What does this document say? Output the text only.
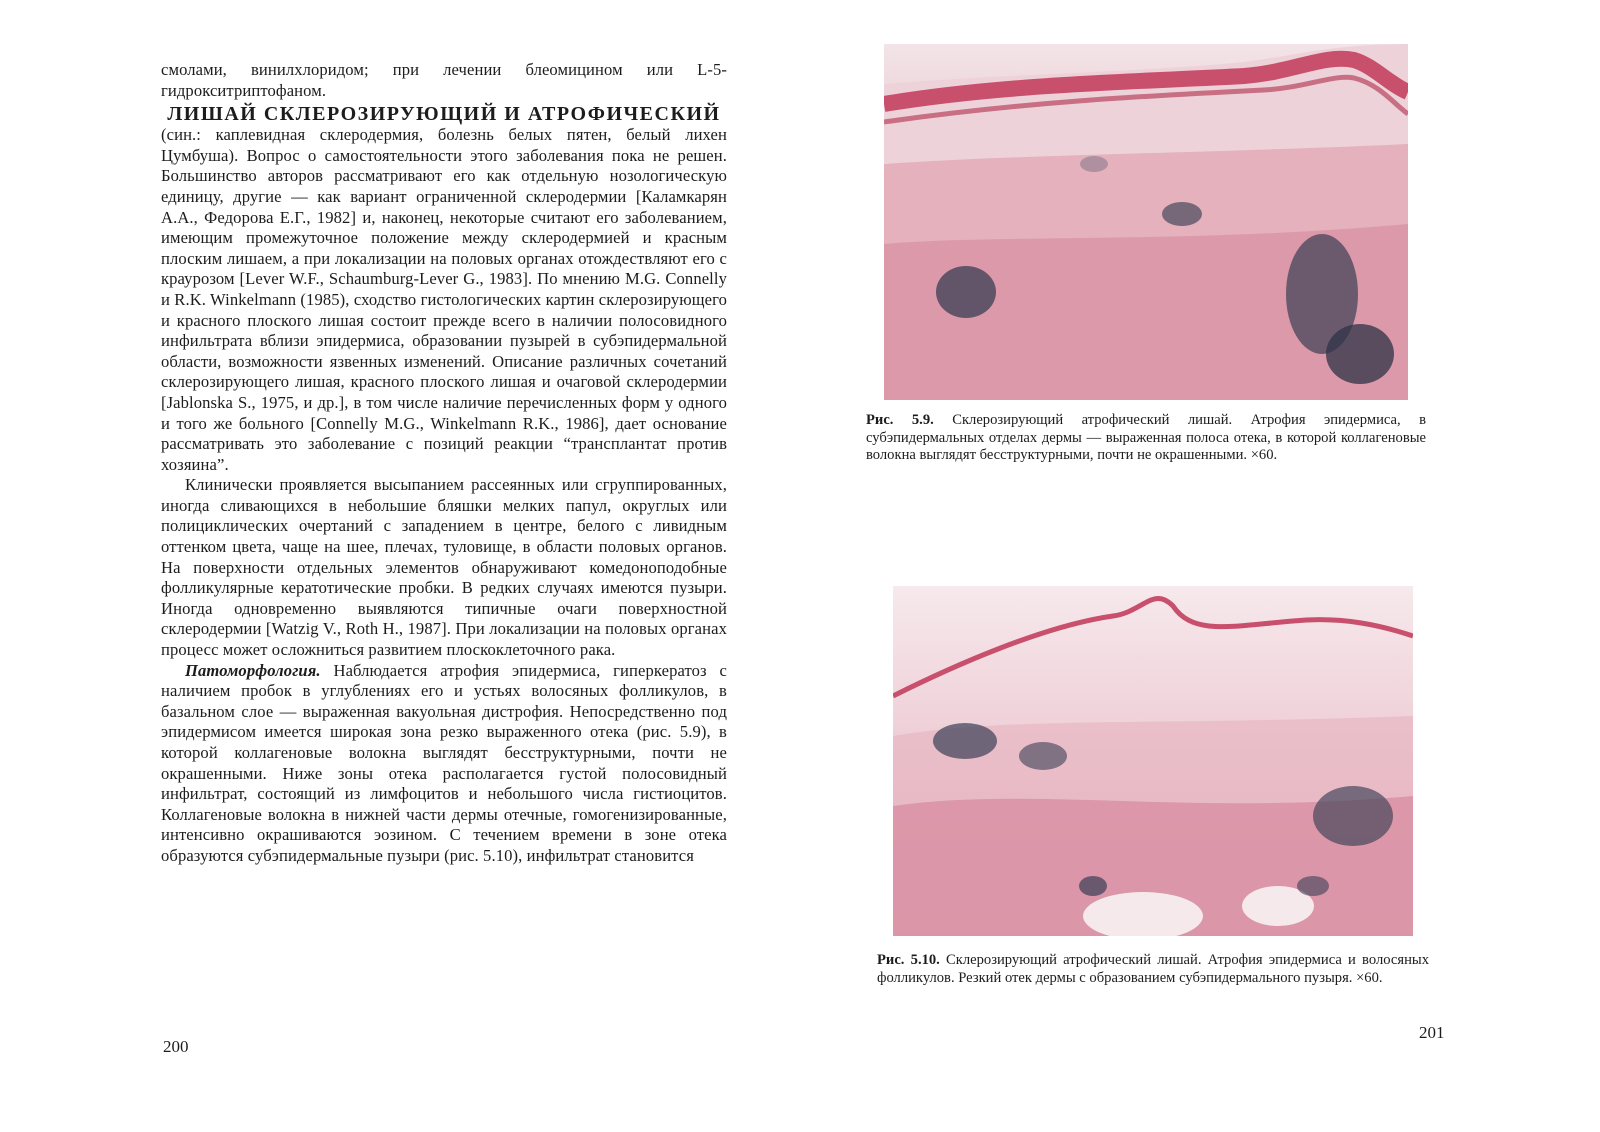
смолами, винилхлоридом; при лечении блеомицином или L-5-гидрокситриптофаном.

ЛИШАЙ СКЛЕРОЗИРУЮЩИЙ И АТРОФИЧЕСКИЙ

(син.: каплевидная склеродермия, болезнь белых пятен, белый лихен Цумбуша). Вопрос о самостоятельности этого заболевания пока не решен. Большинство авторов рассматривают его как отдельную нозологическую единицу, другие — как вариант ограниченной склеродермии [Каламкарян А.А., Федорова Е.Г., 1982] и, наконец, некоторые считают его заболеванием, имеющим промежуточное положение между склеродермией и красным плоским лишаем, а при локализации на половых органах отождествляют его с краурозом [Lever W.F., Schaumburg-Lever G., 1983]. По мнению M.G. Connelly и R.K. Winkelmann (1985), сходство гистологических картин склерозирующего и красного плоского лишая состоит прежде всего в наличии полосовидного инфильтрата вблизи эпидермиса, образовании пузырей в субэпидермальной области, возможности язвенных изменений. Описание различных сочетаний склерозирующего лишая, красного плоского лишая и очаговой склеродермии [Jablonska S., 1975, и др.], в том числе наличие перечисленных форм у одного и того же больного [Connelly M.G., Winkelmann R.K., 1986], дает основание рассматривать это заболевание с позиций реакции “трансплантат против хозяина”.

Клинически проявляется высыпанием рассеянных или сгруппированных, иногда сливающихся в небольшие бляшки мелких папул, округлых или полициклических очертаний с западением в центре, белого с ливидным оттенком цвета, чаще на шее, плечах, туловище, в области половых органов. На поверхности отдельных элементов обнаруживают комедоноподобные фолликулярные кератотические пробки. В редких случаях имеются пузыри. Иногда одновременно выявляются типичные очаги поверхностной склеродермии [Watzig V., Roth H., 1987]. При локализации на половых органах процесс может осложниться развитием плоскоклеточного рака.

Патоморфология. Наблюдается атрофия эпидермиса, гиперкератоз с наличием пробок в углублениях его и устьях волосяных фолликулов, в базальном слое — выраженная вакуольная дистрофия. Непосредственно под эпидермисом имеется широкая зона резко выраженного отека (рис. 5.9), в которой коллагеновые волокна выглядят бесструктурными, почти не окрашенными. Ниже зоны отека располагается густой полосовидный инфильтрат, состоящий из лимфоцитов и небольшого числа гистиоцитов. Коллагеновые волокна в нижней части дермы отечные, гомогенизированные, интенсивно окрашиваются эозином. С течением времени в зоне отека образуются субэпидермальные пузыри (рис. 5.10), инфильтрат становится

200
Рис. 5.9. Склерозирующий атрофический лишай. Атрофия эпидермиса, в субэпидермальных отделах дермы — выраженная полоса отека, в которой коллагеновые волокна выглядят бесструктурными, почти не окрашенными. ×60.
Рис. 5.10. Склерозирующий атрофический лишай. Атрофия эпидермиса и волосяных фолликулов. Резкий отек дермы с образованием субэпидермального пузыря. ×60.
201
